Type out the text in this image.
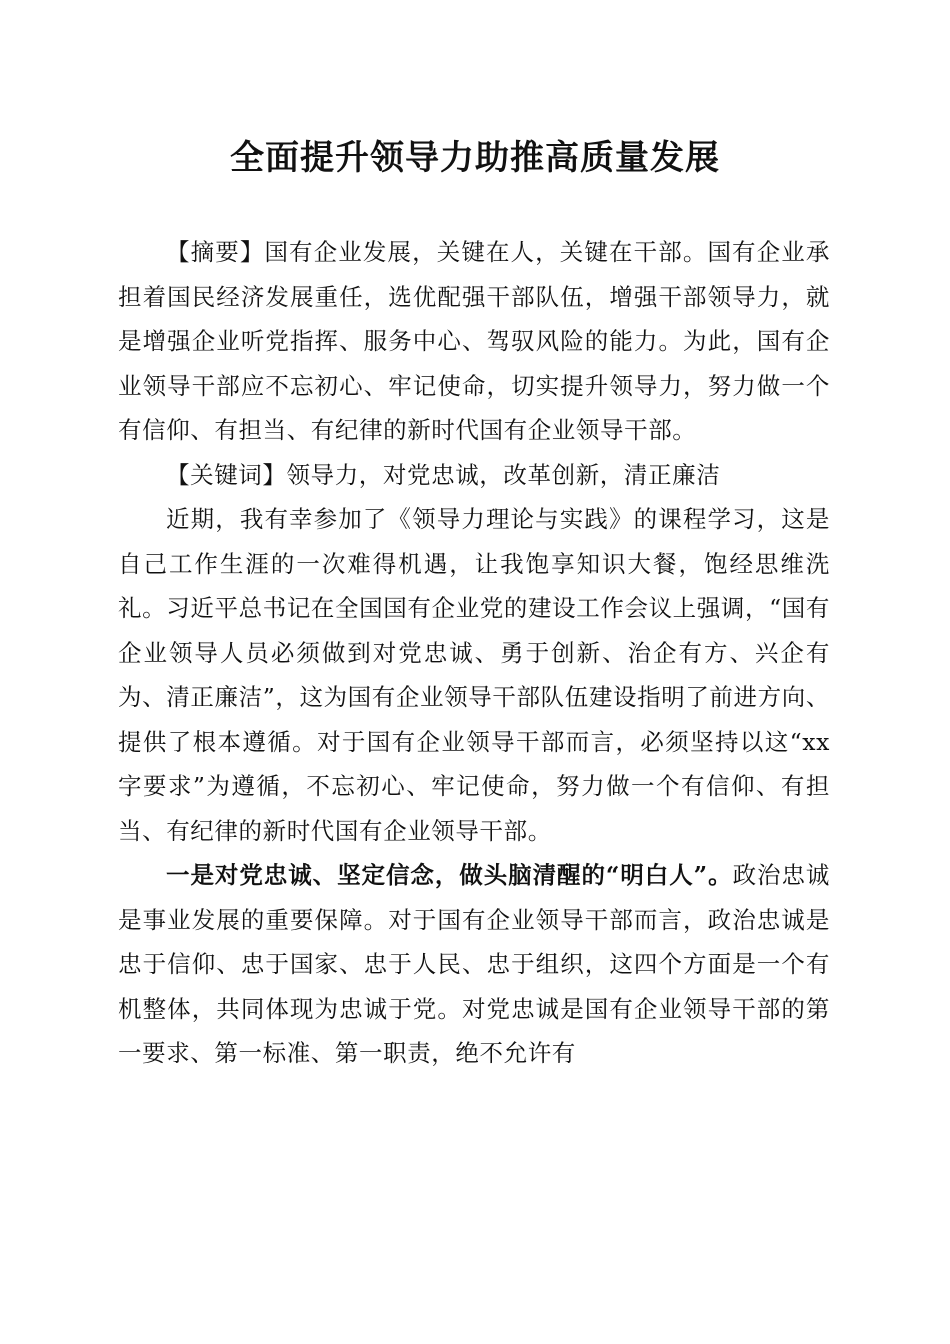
全面提升领导力助推高质量发展

【摘要】国有企业发展，关键在人，关键在干部。国有企业承担着国民经济发展重任，选优配强干部队伍，增强干部领导力，就是增强企业听党指挥、服务中心、驾驭风险的能力。为此，国有企业领导干部应不忘初心、牢记使命，切实提升领导力，努力做一个有信仰、有担当、有纪律的新时代国有企业领导干部。

【关键词】领导力，对党忠诚，改革创新，清正廉洁

近期，我有幸参加了《领导力理论与实践》的课程学习，这是自己工作生涯的一次难得机遇，让我饱享知识大餐，饱经思维洗礼。习近平总书记在全国国有企业党的建设工作会议上强调，“国有企业领导人员必须做到对党忠诚、勇于创新、治企有方、兴企有为、清正廉洁”，这为国有企业领导干部队伍建设指明了前进方向、提供了根本遵循。对于国有企业领导干部而言，必须坚持以这“xx字要求”为遵循，不忘初心、牢记使命，努力做一个有信仰、有担当、有纪律的新时代国有企业领导干部。

一是对党忠诚、坚定信念，做头脑清醒的“明白人”。政治忠诚是事业发展的重要保障。对于国有企业领导干部而言，政治忠诚是忠于信仰、忠于国家、忠于人民、忠于组织，这四个方面是一个有机整体，共同体现为忠诚于党。对党忠诚是国有企业领导干部的第一要求、第一标准、第一职责，绝不允许有
